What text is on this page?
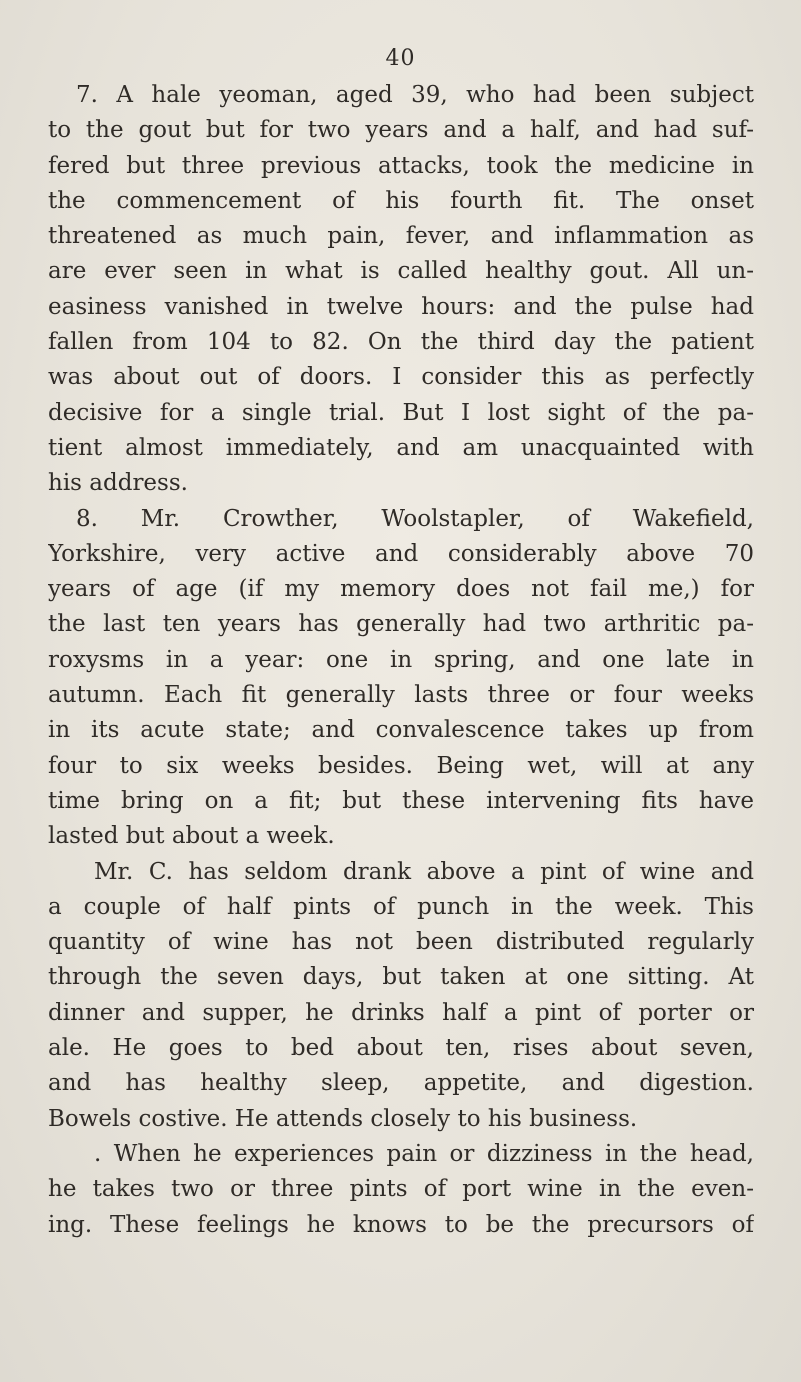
40
7. A hale yeoman, aged 39, who had been subject
to the gout but for two years and a half, and had suf-
fered but three previous attacks, took the medicine in
the commencement of his fourth fit. The onset
threatened as much pain, fever, and inflammation as
are ever seen in what is called healthy gout. All un-
easiness vanished in twelve hours: and the pulse had
fallen from 104 to 82. On the third day the patient
was about out of doors. I consider this as perfectly
decisive for a single trial. But I lost sight of the pa-
tient almost immediately, and am unacquainted with
his address.
8. Mr. Crowther, Woolstapler, of Wakefield,
Yorkshire, very active and considerably above 70
years of age (if my memory does not fail me,) for
the last ten years has generally had two arthritic pa-
roxysms in a year: one in spring, and one late in
autumn. Each fit generally lasts three or four weeks
in its acute state; and convalescence takes up from
four to six weeks besides. Being wet, will at any
time bring on a fit; but these intervening fits have
lasted but about a week.
Mr. C. has seldom drank above a pint of wine and
a couple of half pints of punch in the week. This
quantity of wine has not been distributed regularly
through the seven days, but taken at one sitting. At
dinner and supper, he drinks half a pint of porter or
ale. He goes to bed about ten, rises about seven,
and has healthy sleep, appetite, and digestion.
Bowels costive. He attends closely to his business.
. When he experiences pain or dizziness in the head,
he takes two or three pints of port wine in the even-
ing. These feelings he knows to be the precursors of
